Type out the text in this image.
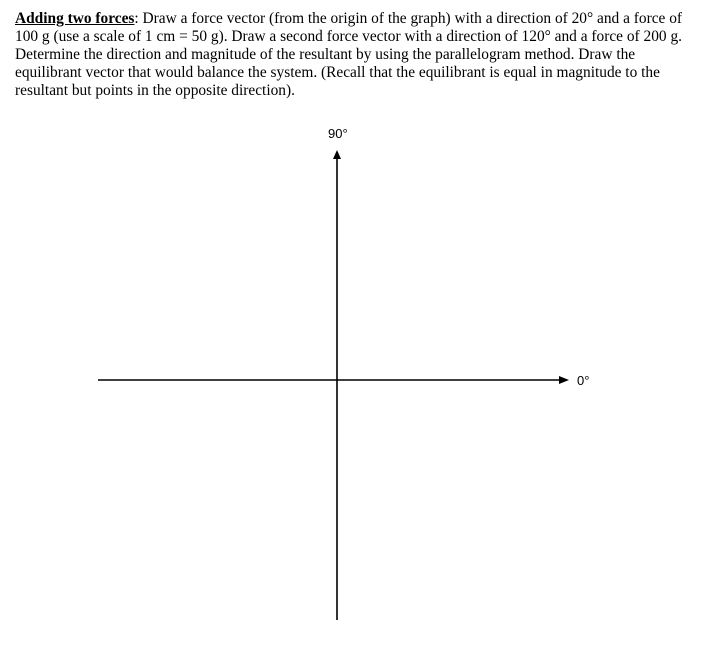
Adding two forces: Draw a force vector (from the origin of the graph) with a direction of 20° and a force of 100 g (use a scale of 1 cm = 50 g). Draw a second force vector with a direction of 120° and a force of 200 g. Determine the direction and magnitude of the resultant by using the parallelogram method. Draw the equilibrant vector that would balance the system. (Recall that the equilibrant is equal in magnitude to the resultant but points in the opposite direction).

90°
0°
